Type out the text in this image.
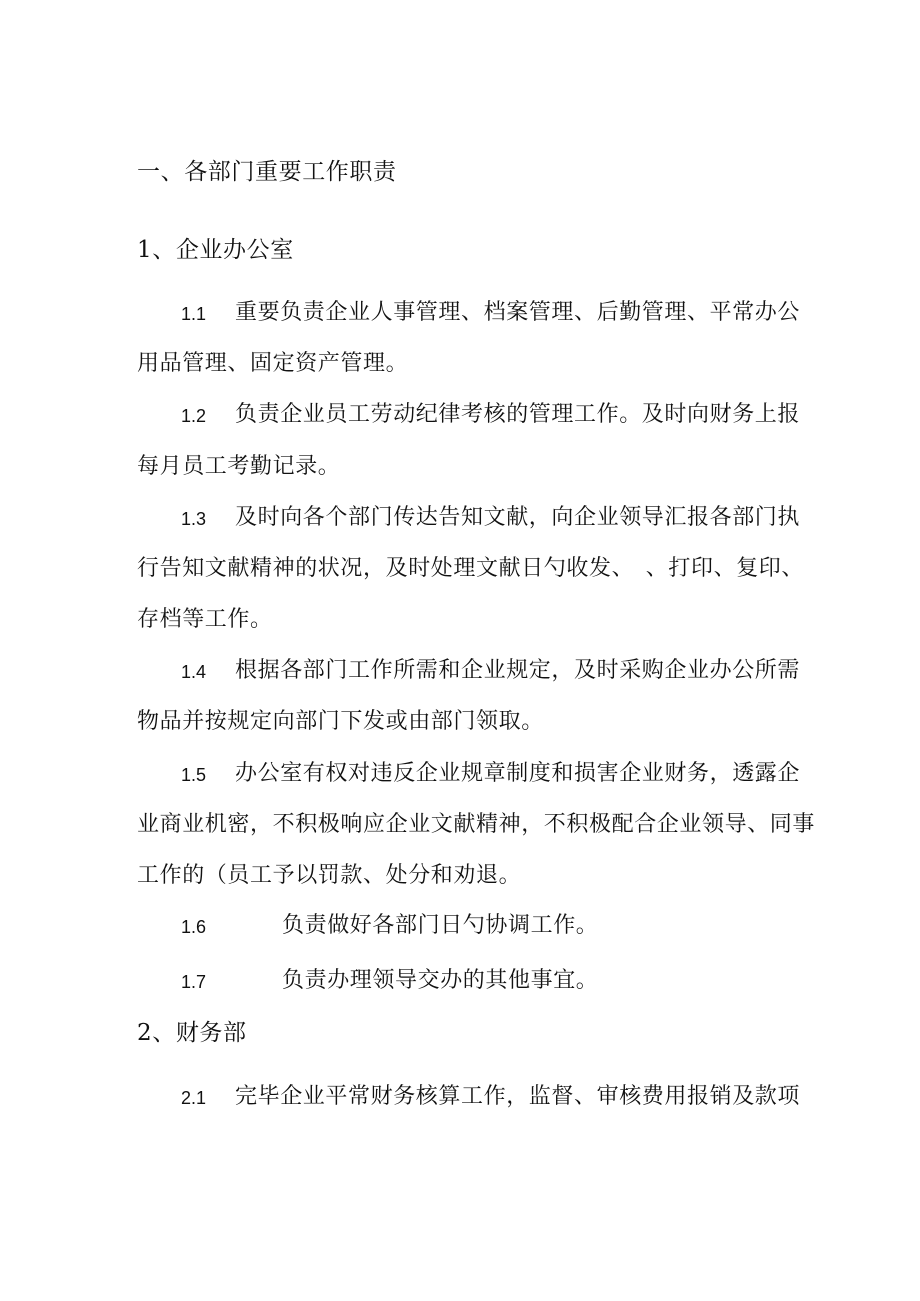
一、各部门重要工作职责
1、企业办公室
1.1 重要负责企业人事管理、档案管理、后勤管理、平常办公
用品管理、固定资产管理。
1.2 负责企业员工劳动纪律考核的管理工作。及时向财务上报
每月员工考勤记录。
1.3 及时向各个部门传达告知文献，向企业领导汇报各部门执
行告知文献精神的状况，及时处理文献日勺收发、　、打印、复印、
存档等工作。
1.4 根据各部门工作所需和企业规定，及时采购企业办公所需
物品并按规定向部门下发或由部门领取。
1.5 办公室有权对违反企业规章制度和损害企业财务，透露企
业商业机密，不积极响应企业文献精神，不积极配合企业领导、同事
工作的（员工予以罚款、处分和劝退。
1.6	负责做好各部门日勺协调工作。
1.7	负责办理领导交办的其他事宜。
2、财务部
2.1 完毕企业平常财务核算工作，监督、审核费用报销及款项
